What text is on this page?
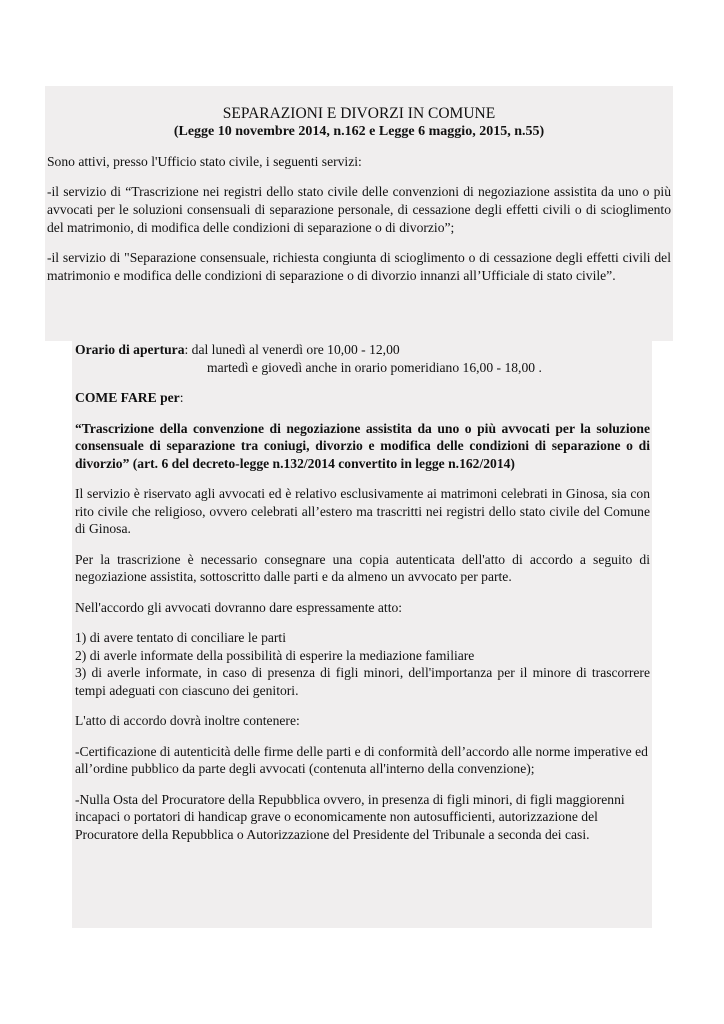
SEPARAZIONI E DIVORZI IN COMUNE

(Legge 10 novembre 2014, n.162 e Legge 6 maggio, 2015, n.55)

Sono attivi, presso l'Ufficio stato civile, i seguenti servizi:

-il servizio di “Trascrizione nei registri dello stato civile delle convenzioni di negoziazione assistita da uno o più avvocati per le soluzioni consensuali di separazione personale, di cessazione degli effetti civili o di scioglimento del matrimonio, di modifica delle condizioni di separazione o di divorzio”;

-il servizio di "Separazione consensuale, richiesta congiunta di scioglimento o di cessazione degli effetti civili del matrimonio e modifica delle condizioni di separazione o di divorzio innanzi all’Ufficiale di stato civile”.

Orario di apertura: dal lunedì al venerdì ore 10,00 - 12,00

martedì e giovedì anche in orario pomeridiano 16,00 - 18,00 .

COME FARE per:

“Trascrizione della convenzione di negoziazione assistita da uno o più avvocati per la soluzione consensuale di separazione tra coniugi, divorzio e modifica delle condizioni di separazione o di divorzio” (art. 6 del decreto-legge n.132/2014 convertito in legge n.162/2014)

Il servizio è riservato agli avvocati ed è relativo esclusivamente ai matrimoni celebrati in Ginosa, sia con rito civile che religioso, ovvero celebrati all’estero ma trascritti nei registri dello stato civile del Comune di Ginosa.

Per la trascrizione è necessario consegnare una copia autenticata dell'atto di accordo a seguito di negoziazione assistita, sottoscritto dalle parti e da almeno un avvocato per parte.

Nell'accordo gli avvocati dovranno dare espressamente atto:

1) di avere tentato di conciliare le parti

2) di averle informate della possibilità di esperire la mediazione familiare

3) di averle informate, in caso di presenza di figli minori, dell'importanza per il minore di trascorrere tempi adeguati con ciascuno dei genitori.

L'atto di accordo dovrà inoltre contenere:

-Certificazione di autenticità delle firme delle parti e di conformità dell’accordo alle norme imperative ed all’ordine pubblico da parte degli avvocati (contenuta all'interno della convenzione);

-Nulla Osta del Procuratore della Repubblica ovvero, in presenza di figli minori, di figli maggiorenni incapaci o portatori di handicap grave o economicamente non autosufficienti, autorizzazione del Procuratore della Repubblica o Autorizzazione del Presidente del Tribunale a seconda dei casi.
